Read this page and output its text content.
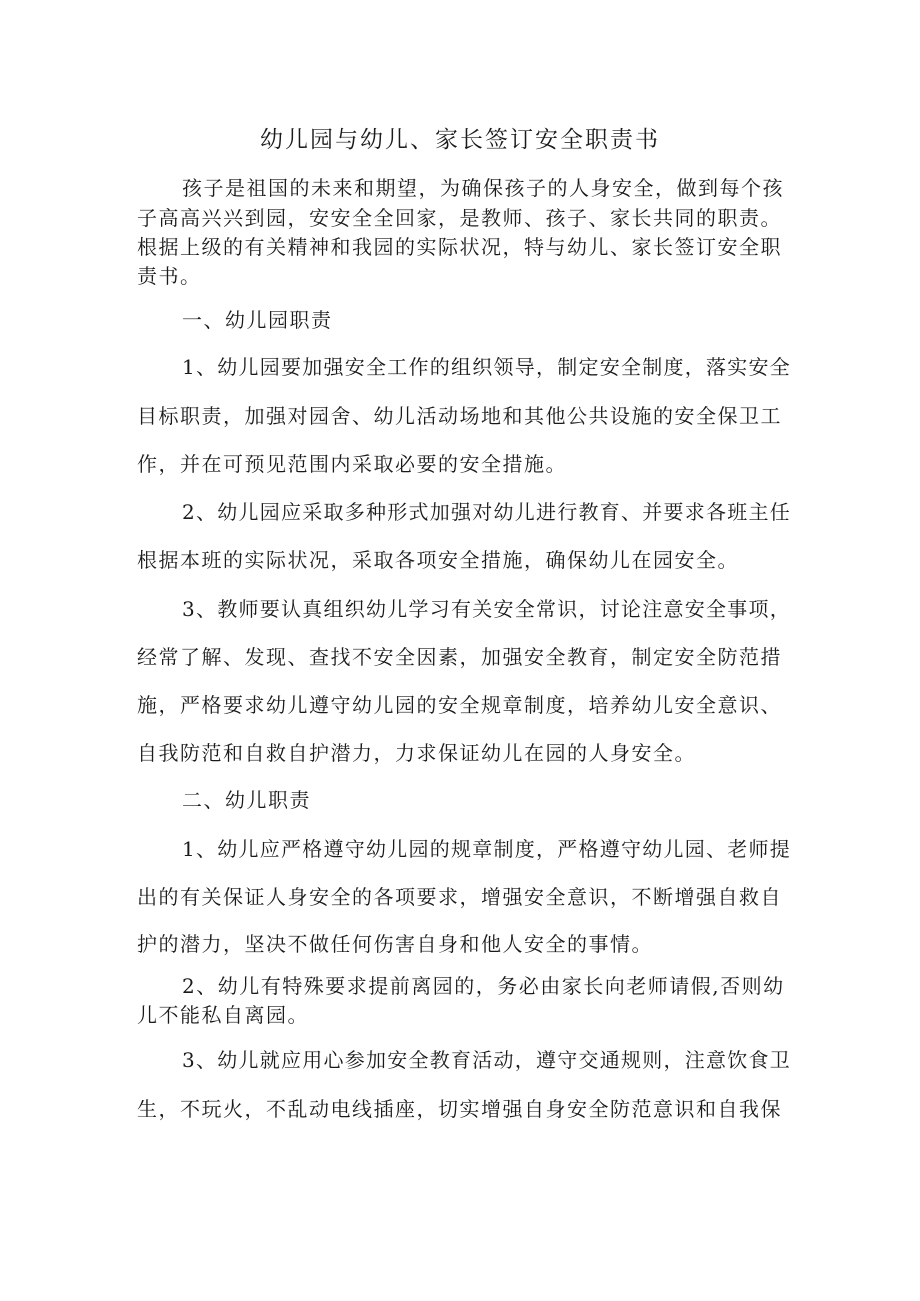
幼儿园与幼儿、家长签订安全职责书
孩子是祖国的未来和期望，为确保孩子的人身安全，做到每个孩
子高高兴兴到园，安安全全回家，是教师、孩子、家长共同的职责。
根据上级的有关精神和我园的实际状况，特与幼儿、家长签订安全职
责书。
一、幼儿园职责
1、幼儿园要加强安全工作的组织领导，制定安全制度，落实安全
目标职责，加强对园舍、幼儿活动场地和其他公共设施的安全保卫工
作，并在可预见范围内采取必要的安全措施。
2、幼儿园应采取多种形式加强对幼儿进行教育、并要求各班主任
根据本班的实际状况，采取各项安全措施，确保幼儿在园安全。
3、教师要认真组织幼儿学习有关安全常识，讨论注意安全事项，
经常了解、发现、查找不安全因素，加强安全教育，制定安全防范措
施，严格要求幼儿遵守幼儿园的安全规章制度，培养幼儿安全意识、
自我防范和自救自护潜力，力求保证幼儿在园的人身安全。
二、幼儿职责
1、幼儿应严格遵守幼儿园的规章制度，严格遵守幼儿园、老师提
出的有关保证人身安全的各项要求，增强安全意识，不断增强自救自
护的潜力，坚决不做任何伤害自身和他人安全的事情。
2、幼儿有特殊要求提前离园的，务必由家长向老师请假,否则幼
儿不能私自离园。
3、幼儿就应用心参加安全教育活动，遵守交通规则，注意饮食卫
生，不玩火，不乱动电线插座，切实增强自身安全防范意识和自我保
